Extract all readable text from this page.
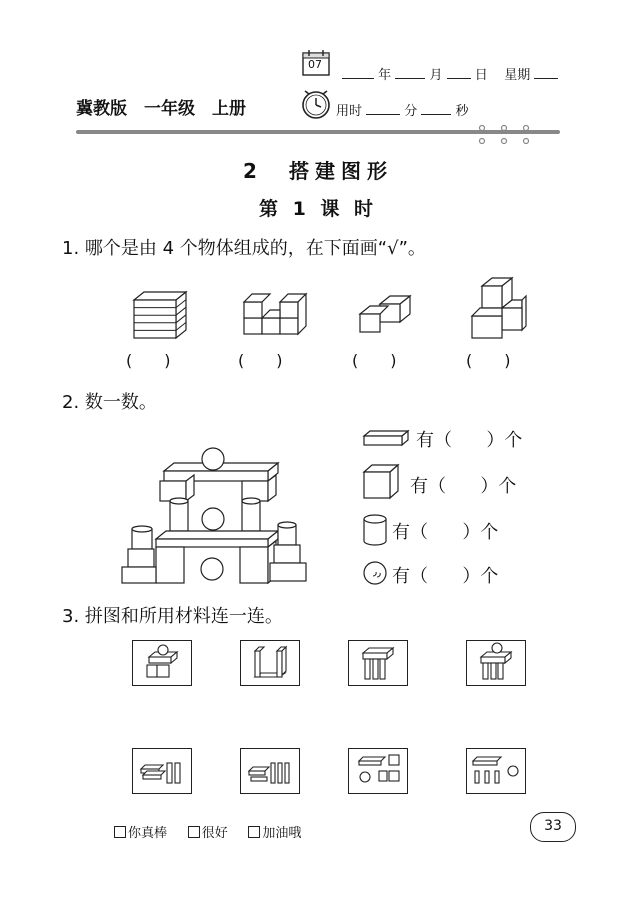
07
年	月 日 星期
冀教版　一年级　上册	用时	分	秒
2　搭建图形
第 1 课 时
1. 哪个是由 4 个物体组成的，在下面画“√”。
(　　)	(　　)	(　　)	(　　)
2. 数一数。
有（ ）个
有（ ）个
有（ ）个
有（ ）个
3. 拼图和所用材料连一连。
你真棒	很好	加油哦	33
